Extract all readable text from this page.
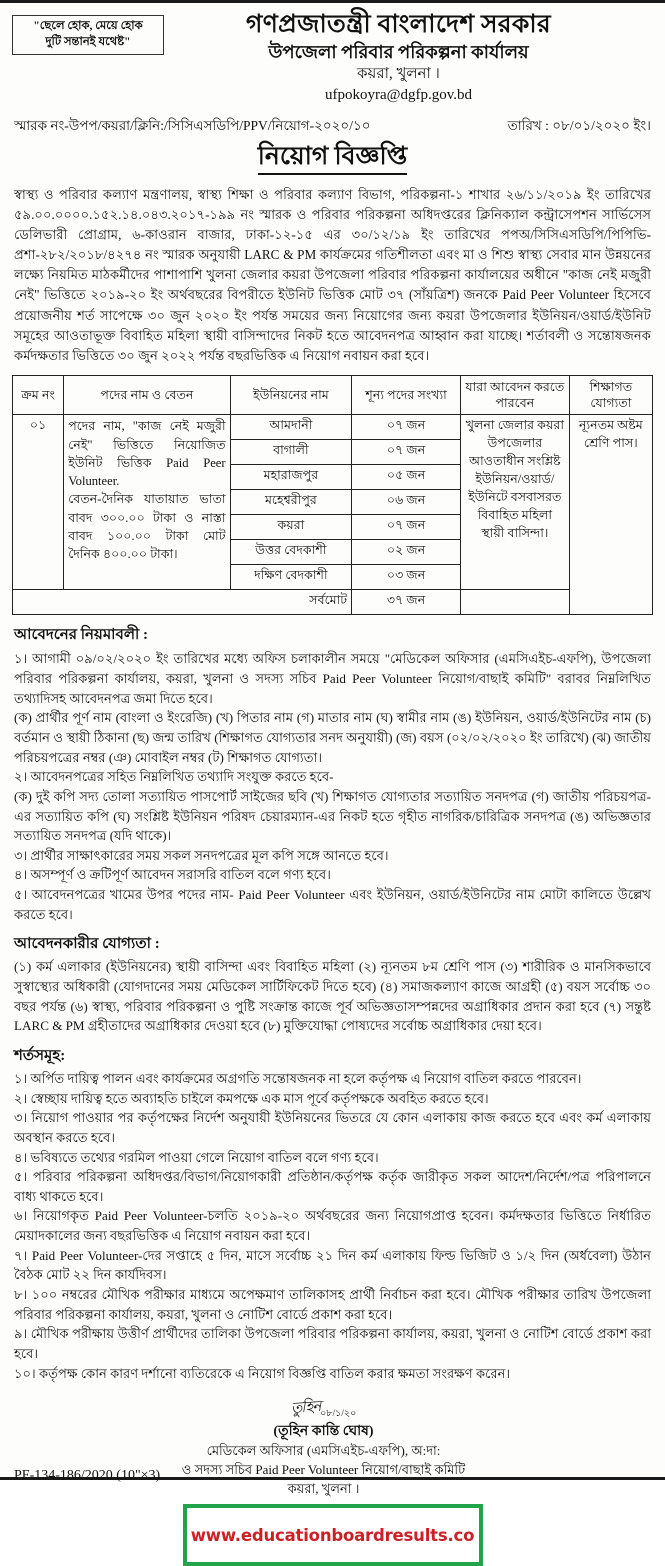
"ছেলে হোক, মেয়ে হোক
দুটি সন্তানই যথেষ্ট"
গণপ্রজাতন্ত্রী বাংলাদেশ সরকার
উপজেলা পরিবার পরিকল্পনা কার্যালয়
কয়রা, খুলনা ।
ufpokoyra@dgfp.gov.bd
স্মারক নং-উপপ/কয়রা/ক্লিনি:/সিসিএসডিপি/PPV/নিয়োগ-২০২০/১০	তারিখ : ০৮/০১/২০২০ ইং।
নিয়োগ বিজ্ঞপ্তি
স্বাস্থ্য ও পরিবার কল্যাণ মন্ত্রণালয়, স্বাস্থ্য শিক্ষা ও পরিবার কল্যাণ বিভাগ, পরিকল্পনা-১ শাখার ২৬/১১/২০১৯ ইং তারিখের ৫৯.০০.০০০০.১৫২.১৪.০৪৩.২০১৭-১৯৯ নং স্মারক ও পরিবার পরিকল্পনা অধিদপ্তরের ক্লিনিক্যাল কন্ট্রাসেপশন সার্ভিসেস ডেলিভারী প্রোগ্রাম, ৬-কাওরান বাজার, ঢাকা-১২-১৫ এর ৩০/১২/১৯ ইং তারিখের পপঅ/সিসিএসডিপি/পিপিভি-প্রশা-২৮২/২০১৮/৪২৭৪ নং স্মারক অনুযায়ী LARC & PM কার্যক্রমের গতিশীলতা এবং মা ও শিশু স্বাস্থ্য সেবার মান উন্নয়নের লক্ষ্যে নিয়মিত মাঠকর্মীদের পাশাপাশি খুলনা জেলার কয়রা উপজেলা পরিবার পরিকল্পনা কার্যালয়ের অধীনে "কাজ নেই মজুরী নেই" ভিত্তিতে ২০১৯-২০ ইং অর্থবছরের বিপরীতে ইউনিট ভিত্তিক মোট ৩৭ (সাঁয়ত্রিশ) জনকে Paid Peer Volunteer হিসেবে প্রয়োজনীয় শর্ত সাপেক্ষে ৩০ জুন ২০২০ ইং পর্যন্ত সময়ের জন্য নিয়োগের জন্য কয়রা উপজেলার ইউনিয়ন/ওয়ার্ড/ইউনিট সমূহের আওতাভূক্ত বিবাহিত মহিলা স্থায়ী বাসিন্দাদের নিকট হতে আবেদনপত্র আহ্বান করা যাচ্ছে। শর্তাবলী ও সন্তোষজনক কর্মদক্ষতার ভিত্তিতে ৩০ জুন ২০২২ পর্যন্ত বছরভিত্তিক এ নিয়োগ নবায়ন করা হবে।
ক্রম নং	পদের নাম ও বেতন	ইউনিয়নের নাম	শূন্য পদের সংখ্যা	যারা আবেদন করতে পারবেন	শিক্ষাগত যোগ্যতা
০১	পদের নাম, "কাজ নেই মজুরী নেই" ভিত্তিতে নিয়োজিত ইউনিট ভিত্তিক Paid Peer Volunteer.
বেতন-দৈনিক যাতায়াত ভাতা বাবদ ৩০০.০০ টাকা ও নাস্তা বাবদ ১০০.০০ টাকা মোট দৈনিক ৪০০.০০ টাকা।	আমদানী	০৭ জন	খুলনা জেলার কয়রা উপজেলার আওতাধীন সংশ্লিষ্ট ইউনিয়ন/ওয়ার্ড/ইউনিটে বসবাসরত বিবাহিত মহিলা স্থায়ী বাসিন্দা।	ন্যূনতম অষ্টম শ্রেণি পাস।
		বাগালী	০৭ জন		
		মহারাজপুর	০৫ জন		
		মহেশ্বরীপুর	০৬ জন		
		কয়রা	০৭ জন		
		উত্তর বেদকাশী	০২ জন		
		দক্ষিণ বেদকাশী	০৩ জন		
সর্বমোট			৩৭ জন		
আবেদনের নিয়মাবলী :
১। আগামী ০৯/০২/২০২০ ইং তারিখের মধ্যে অফিস চলাকালীন সময়ে "মেডিকেল অফিসার (এমসিএইচ-এফপি), উপজেলা পরিবার পরিকল্পনা কার্যালয়, কয়রা, খুলনা ও সদস্য সচিব Paid Peer Volunteer নিয়োগ/বাছাই কমিটি" বরাবর নিম্নলিখিত তথ্যাদিসহ আবেদনপত্র জমা দিতে হবে।
(ক) প্রার্থীর পূর্ণ নাম (বাংলা ও ইংরেজি) (খ) পিতার নাম (গ) মাতার নাম (ঘ) স্বামীর নাম (ঙ) ইউনিয়ন, ওয়ার্ড/ইউনিটের নাম (চ) বর্তমান ও স্থায়ী ঠিকানা (ছ) জন্ম তারিখ (শিক্ষাগত যোগ্যতার সনদ অনুযায়ী) (জ) বয়স (০২/০২/২০২০ ইং তারিখে) (ঝ) জাতীয় পরিচয়পত্রের নম্বর (ঞ) মোবাইল নম্বর (ট) শিক্ষাগত যোগ্যতা।
২। আবেদনপত্রের সহিত নিম্নলিখিত তথ্যাদি সংযুক্ত করতে হবে-
(ক) দুই কপি সদ্য তোলা সত্যায়িত পাসপোর্ট সাইজের ছবি (খ) শিক্ষাগত যোগ্যতার সত্যায়িত সনদপত্র (গ) জাতীয় পরিচয়পত্র-এর সত্যায়িত কপি (ঘ) সংশ্লিষ্ট ইউনিয়ন পরিষদ চেয়ারম্যান-এর নিকট হতে গৃহীত নাগরিক/চারিত্রিক সনদপত্র (ঙ) অভিজ্ঞতার সত্যায়িত সনদপত্র (যদি থাকে)।
৩। প্রার্থীর সাক্ষাৎকারের সময় সকল সনদপত্রের মূল কপি সঙ্গে আনতে হবে।
৪। অসম্পূর্ণ ও ক্রটিপূর্ণ আবেদন সরাসরি বাতিল বলে গণ্য হবে।
৫। আবেদনপত্রের খামের উপর পদের নাম- Paid Peer Volunteer এবং ইউনিয়ন, ওয়ার্ড/ইউনিটের নাম মোটা কালিতে উল্লেখ করতে হবে।
আবেদনকারীর যোগ্যতা :
(১) কর্ম এলাকার (ইউনিয়নের) স্থায়ী বাসিন্দা এবং বিবাহিত মহিলা (২) ন্যূনতম ৮ম শ্রেণি পাস (৩) শারীরিক ও মানসিকভাবে সুস্বাস্থ্যের অধিকারী (যোগদানের সময় মেডিকেল সার্টিফিকেট দিতে হবে) (৪) সমাজকল্যাণ কাজে আগ্রহী (৫) বয়স সর্বোচ্চ ৩০ বছর পর্যন্ত (৬) স্বাস্থ্য, পরিবার পরিকল্পনা ও পুষ্টি সংক্রান্ত কাজে পূর্ব অভিজ্ঞতাসম্পন্নদের অগ্রাধিকার প্রদান করা হবে (৭) সন্তুষ্ট LARC & PM গ্রহীতাদের অগ্রাধিকার দেওয়া হবে (৮) মুক্তিযোদ্ধা পোষ্যদের সর্বোচ্চ অগ্রাধিকার দেয়া হবে।
শর্তসমূহ:
১। অর্পিত দায়িত্ব পালন এবং কার্যক্রমের অগ্রগতি সন্তোষজনক না হলে কর্তৃপক্ষ এ নিয়োগ বাতিল করতে পারবেন।
২। স্বেচ্ছায় দায়িত্ব হতে অব্যাহতি চাইলে কমপক্ষে এক মাস পূর্বে কর্তৃপক্ষকে অবহিত করতে হবে।
৩। নিয়োগ পাওয়ার পর কর্তৃপক্ষের নির্দেশ অনুযায়ী ইউনিয়নের ভিতরে যে কোন এলাকায় কাজ করতে হবে এবং কর্ম এলাকায় অবস্থান করতে হবে।
৪। ভবিষ্যতে তথ্যের গরমিল পাওয়া গেলে নিয়োগ বাতিল বলে গণ্য হবে।
৫। পরিবার পরিকল্পনা অধিদপ্তর/বিভাগ/নিয়োগকারী প্রতিষ্ঠান/কর্তৃপক্ষ কর্তৃক জারীকৃত সকল আদেশ/নির্দেশ/পত্র পরিপালনে বাধ্য থাকতে হবে।
৬। নিয়োগকৃত Paid Peer Volunteer-চলতি ২০১৯-২০ অর্থবছরের জন্য নিয়োগপ্রাপ্ত হবেন। কর্মদক্ষতার ভিত্তিতে নির্ধারিত মেয়াদকালের জন্য বছরভিত্তিক এ নিয়োগ নবায়ন করা হবে।
৭। Paid Peer Volunteer-দের সপ্তাহে ৫ দিন, মাসে সর্বোচ্চ ২১ দিন কর্ম এলাকায় ফিল্ড ভিজিট ও ১/২ দিন (অর্ধবেলা) উঠান বৈঠক মোট ২২ দিন কার্যদিবস।
৮। ১০০ নম্বরের মৌখিক পরীক্ষার মাধ্যমে অপেক্ষমাণ তালিকাসহ প্রার্থী নির্বাচন করা হবে। মৌখিক পরীক্ষার তারিখ উপজেলা পরিবার পরিকল্পনা কার্যালয়, কয়রা, খুলনা ও নোটিশ বোর্ডে প্রকাশ করা হবে।
৯। মৌখিক পরীক্ষায় উত্তীর্ণ প্রার্থীদের তালিকা উপজেলা পরিবার পরিকল্পনা কার্যালয়, কয়রা, খুলনা ও নোটিশ বোর্ডে প্রকাশ করা হবে।
১০। কর্তৃপক্ষ কোন কারণ দর্শানো ব্যতিরেকে এ নিয়োগ বিজ্ঞপ্তি বাতিল করার ক্ষমতা সংরক্ষণ করেন।
তুহিন০৮/১/২০
(তূহিন কান্তি ঘোষ)
মেডিকেল অফিসার (এমসিএইচ-এফপি), অ:দা:
ও সদস্য সচিব Paid Peer Volunteer নিয়োগ/বাছাই কমিটি
কয়রা, খুলনা ।
PF-134-186/2020 (10"×3)
www.educationboardresults.co
